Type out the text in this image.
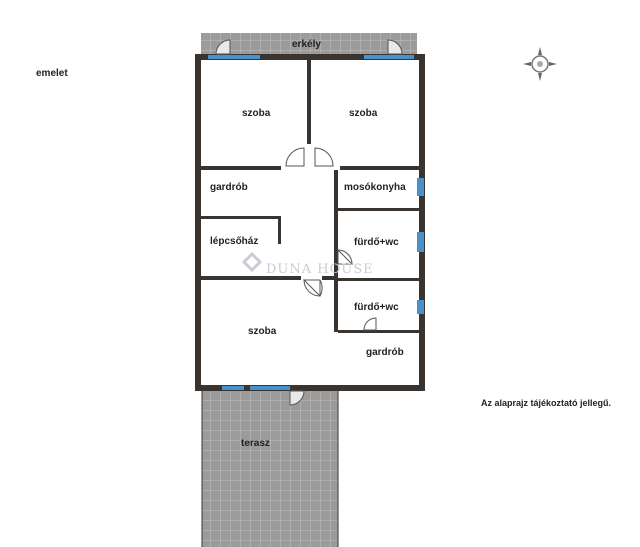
DUNA HOUSE
emelet
erkély
szoba	szoba
gardrób	mosókonyha
lépcsőház	fürdő+wc
fürdő+wc
szoba
gardrób
terasz
Az alaprajz tájékoztató jellegű.
